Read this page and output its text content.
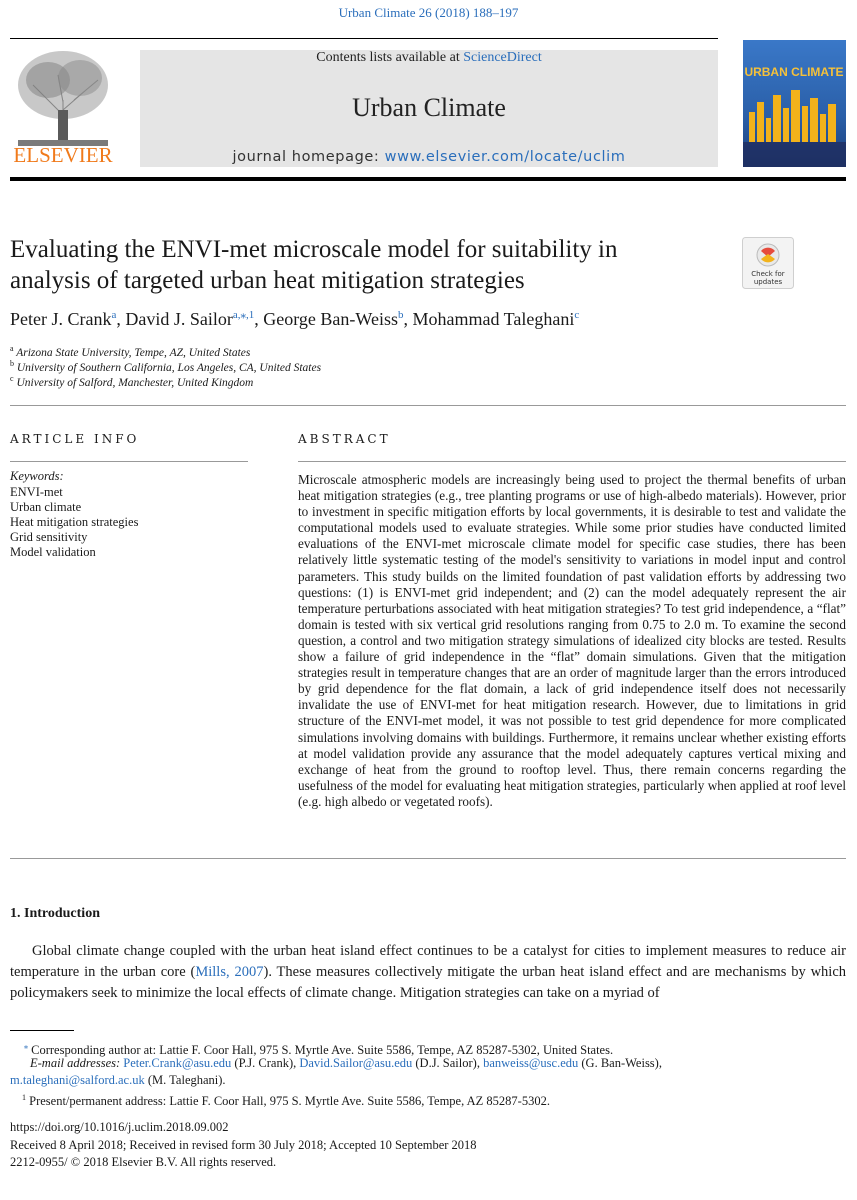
Urban Climate 26 (2018) 188–197
ELSEVIER
Contents lists available at ScienceDirect
Urban Climate
journal homepage: www.elsevier.com/locate/uclim
URBAN CLIMATE
Evaluating the ENVI-met microscale model for suitability in
analysis of targeted urban heat mitigation strategies	Check for
updates
Peter J. Crank$^a$, David J. Sailor$^{a,⁎,1}$, George Ban-Weiss$^b$, Mohammad Taleghani$^c$
$^a$ Arizona State University, Tempe, AZ, United States
$^b$ University of Southern California, Los Angeles, CA, United States
$^c$ University of Salford, Manchester, United Kingdom
ARTICLE INFO
Keywords:
ENVI-met
Urban climate
Heat mitigation strategies
Grid sensitivity
Model validation
ABSTRACT
Microscale atmospheric models are increasingly being used to project the thermal benefits of urban heat mitigation strategies (e.g., tree planting programs or use of high-albedo materials). However, prior to investment in specific mitigation efforts by local governments, it is desirable to test and validate the computational models used to evaluate strategies. While some prior studies have conducted limited evaluations of the ENVI-met microscale climate model for specific case studies, there has been relatively little systematic testing of the model's sensitivity to variations in model input and control parameters. This study builds on the limited foundation of past validation efforts by addressing two questions: (1) is ENVI-met grid independent; and (2) can the model adequately represent the air temperature perturbations associated with heat mitigation strategies? To test grid independence, a “flat” domain is tested with six vertical grid resolutions ranging from 0.75 to 2.0 m. To examine the second question, a control and two mitigation strategy simulations of idealized city blocks are tested. Results show a failure of grid independence in the “flat” domain simulations. Given that the mitigation strategies result in temperature changes that are an order of magnitude larger than the errors introduced by grid dependence for the flat domain, a lack of grid independence itself does not necessarily invalidate the use of ENVI-met for heat mitigation research. However, due to limitations in grid structure of the ENVI-met model, it was not possible to test grid dependence for more complicated simulations involving domains with buildings. Furthermore, it remains unclear whether existing efforts at model validation provide any assurance that the model adequately captures vertical mixing and exchange of heat from the ground to rooftop level. Thus, there remain concerns regarding the usefulness of the model for evaluating heat mitigation strategies, particularly when applied at roof level (e.g. high albedo or vegetated roofs).
1. Introduction
Global climate change coupled with the urban heat island effect continues to be a catalyst for cities to implement measures to reduce air temperature in the urban core (Mills, 2007). These measures collectively mitigate the urban heat island effect and are mechanisms by which policymakers seek to minimize the local effects of climate change. Mitigation strategies can take on a myriad of
⁎ Corresponding author at: Lattie F. Coor Hall, 975 S. Myrtle Ave. Suite 5586, Tempe, AZ 85287-5302, United States.
E-mail addresses: Peter.Crank@asu.edu (P.J. Crank), David.Sailor@asu.edu (D.J. Sailor), banweiss@usc.edu (G. Ban-Weiss),
m.taleghani@salford.ac.uk (M. Taleghani).
$^1$ Present/permanent address: Lattie F. Coor Hall, 975 S. Myrtle Ave. Suite 5586, Tempe, AZ 85287-5302.
https://doi.org/10.1016/j.uclim.2018.09.002
Received 8 April 2018; Received in revised form 30 July 2018; Accepted 10 September 2018
2212-0955/ © 2018 Elsevier B.V. All rights reserved.
